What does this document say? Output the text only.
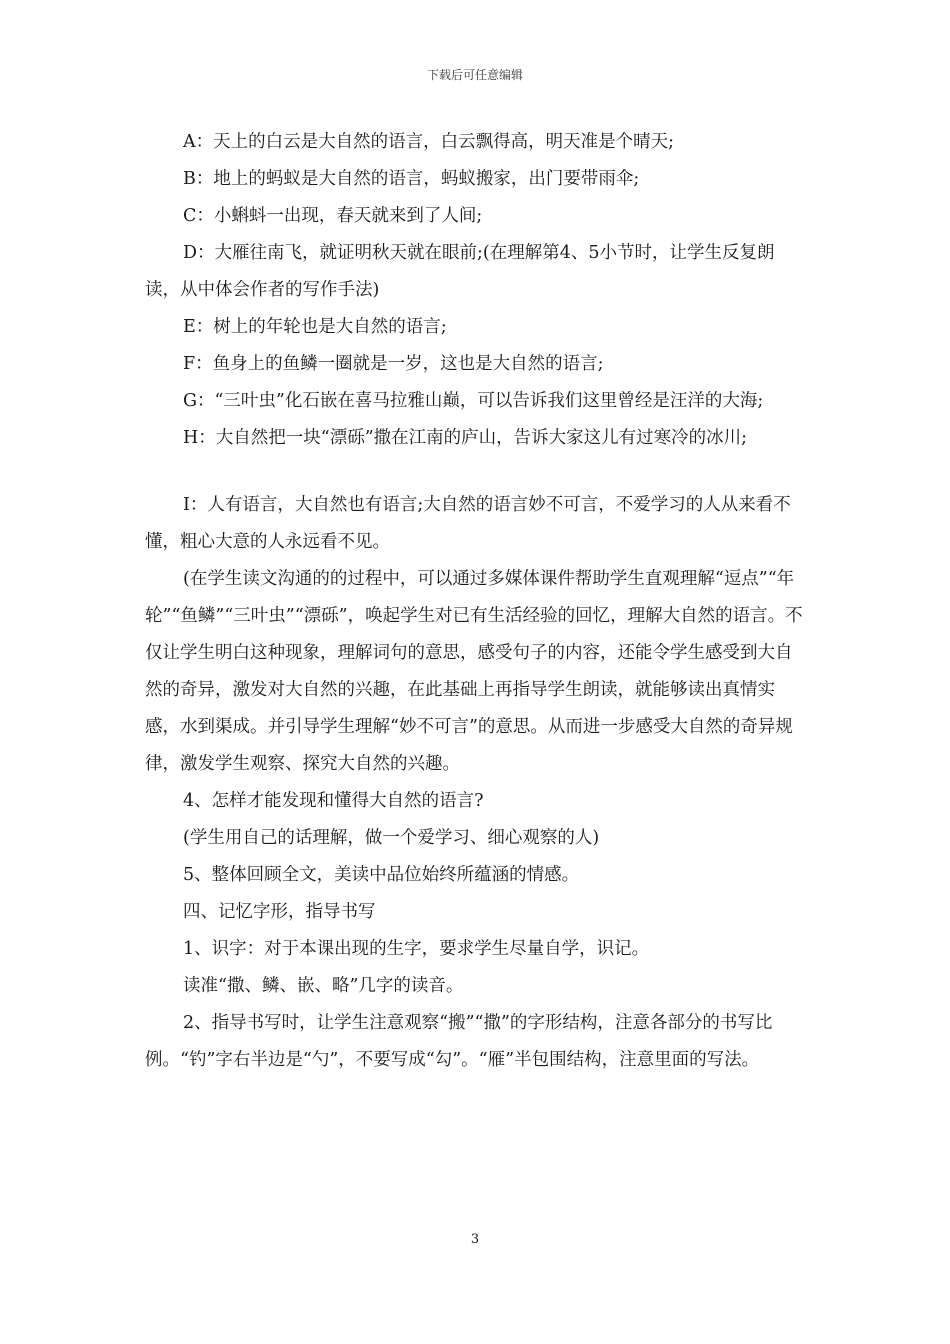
下载后可任意编辑

A：天上的白云是大自然的语言，白云飘得高，明天准是个晴天;

B：地上的蚂蚁是大自然的语言，蚂蚁搬家，出门要带雨伞;

C：小蝌蚪一出现，春天就来到了人间;

D：大雁往南飞，就证明秋天就在眼前;(在理解第4、5小节时，让学生反复朗读，从中体会作者的写作手法)

E：树上的年轮也是大自然的语言;

F：鱼身上的鱼鳞一圈就是一岁，这也是大自然的语言;

G：“三叶虫”化石嵌在喜马拉雅山巅，可以告诉我们这里曾经是汪洋的大海;

H：大自然把一块“漂砾”撒在江南的庐山，告诉大家这儿有过寒冷的冰川;

I：人有语言，大自然也有语言;大自然的语言妙不可言，不爱学习的人从来看不懂，粗心大意的人永远看不见。

(在学生读文沟通的的过程中，可以通过多媒体课件帮助学生直观理解“逗点”“年轮”“鱼鳞”“三叶虫”“漂砾”，唤起学生对已有生活经验的回忆，理解大自然的语言。不仅让学生明白这种现象，理解词句的意思，感受句子的内容，还能令学生感受到大自然的奇异，激发对大自然的兴趣，在此基础上再指导学生朗读，就能够读出真情实感，水到渠成。并引导学生理解“妙不可言”的意思。从而进一步感受大自然的奇异规律，激发学生观察、探究大自然的兴趣。

4、怎样才能发现和懂得大自然的语言?

(学生用自己的话理解，做一个爱学习、细心观察的人)

5、整体回顾全文，美读中品位始终所蕴涵的情感。

四、记忆字形，指导书写

1、识字：对于本课出现的生字，要求学生尽量自学，识记。

读准“撒、鳞、嵌、略”几字的读音。

2、指导书写时，让学生注意观察“搬”“撒”的字形结构，注意各部分的书写比例。“钓”字右半边是“勺”，不要写成“勾”。“雁”半包围结构，注意里面的写法。

3
